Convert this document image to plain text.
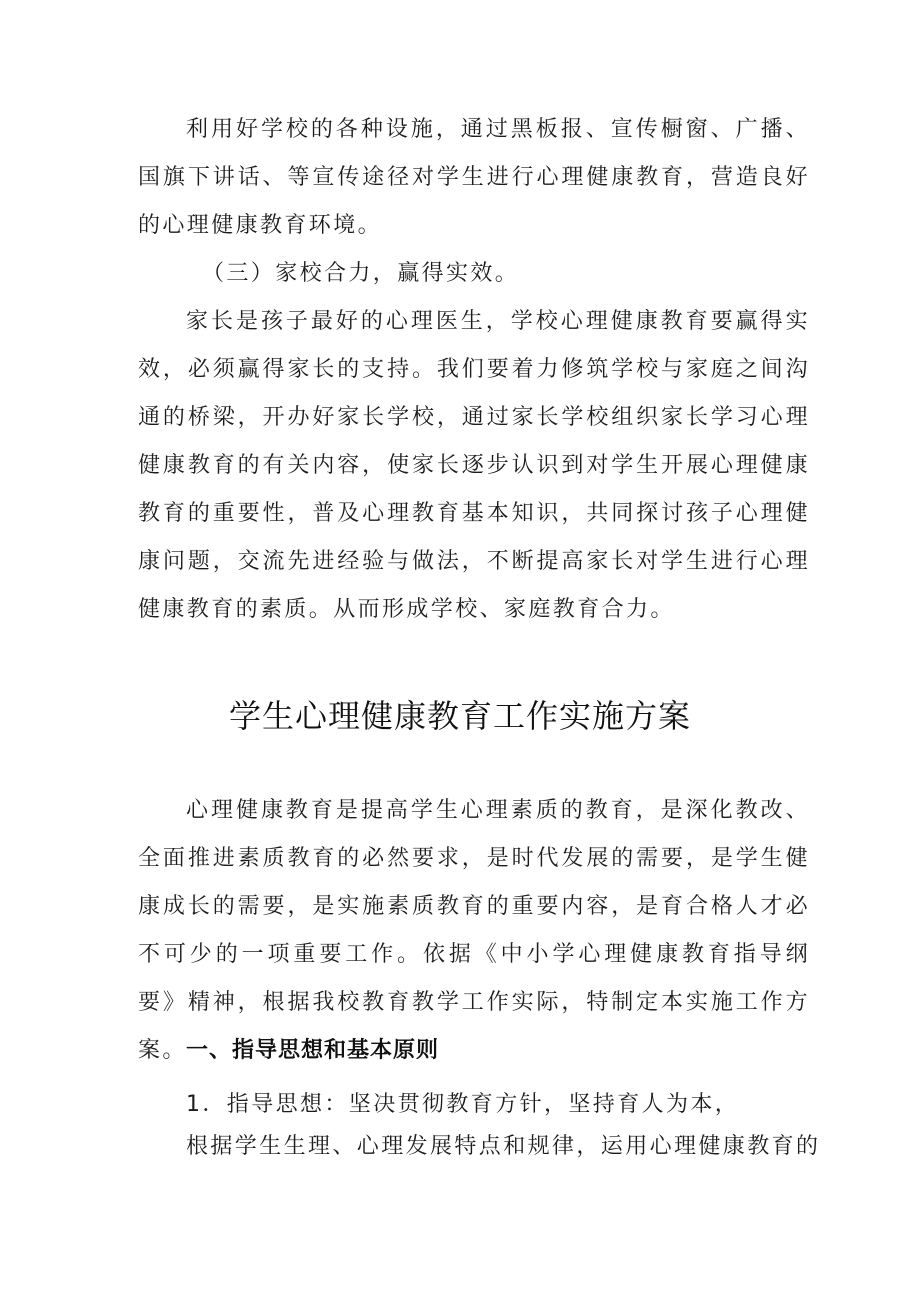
利用好学校的各种设施，通过黑板报、宣传橱窗、广播、国旗下讲话、等宣传途径对学生进行心理健康教育，营造良好的心理健康教育环境。

（三）家校合力，赢得实效。

家长是孩子最好的心理医生，学校心理健康教育要赢得实效，必须赢得家长的支持。我们要着力修筑学校与家庭之间沟通的桥梁，开办好家长学校，通过家长学校组织家长学习心理健康教育的有关内容，使家长逐步认识到对学生开展心理健康教育的重要性，普及心理教育基本知识，共同探讨孩子心理健康问题，交流先进经验与做法，不断提高家长对学生进行心理健康教育的素质。从而形成学校、家庭教育合力。

学生心理健康教育工作实施方案

心理健康教育是提高学生心理素质的教育，是深化教改、全面推进素质教育的必然要求，是时代发展的需要，是学生健康成长的需要，是实施素质教育的重要内容，是育合格人才必不可少的一项重要工作。依据《中小学心理健康教育指导纲要》精神，根据我校教育教学工作实际，特制定本实施工作方案。 一、指导思想和基本原则

1．指导思想：坚决贯彻教育方针，坚持育人为本，

根据学生生理、心理发展特点和规律，运用心理健康教育的
